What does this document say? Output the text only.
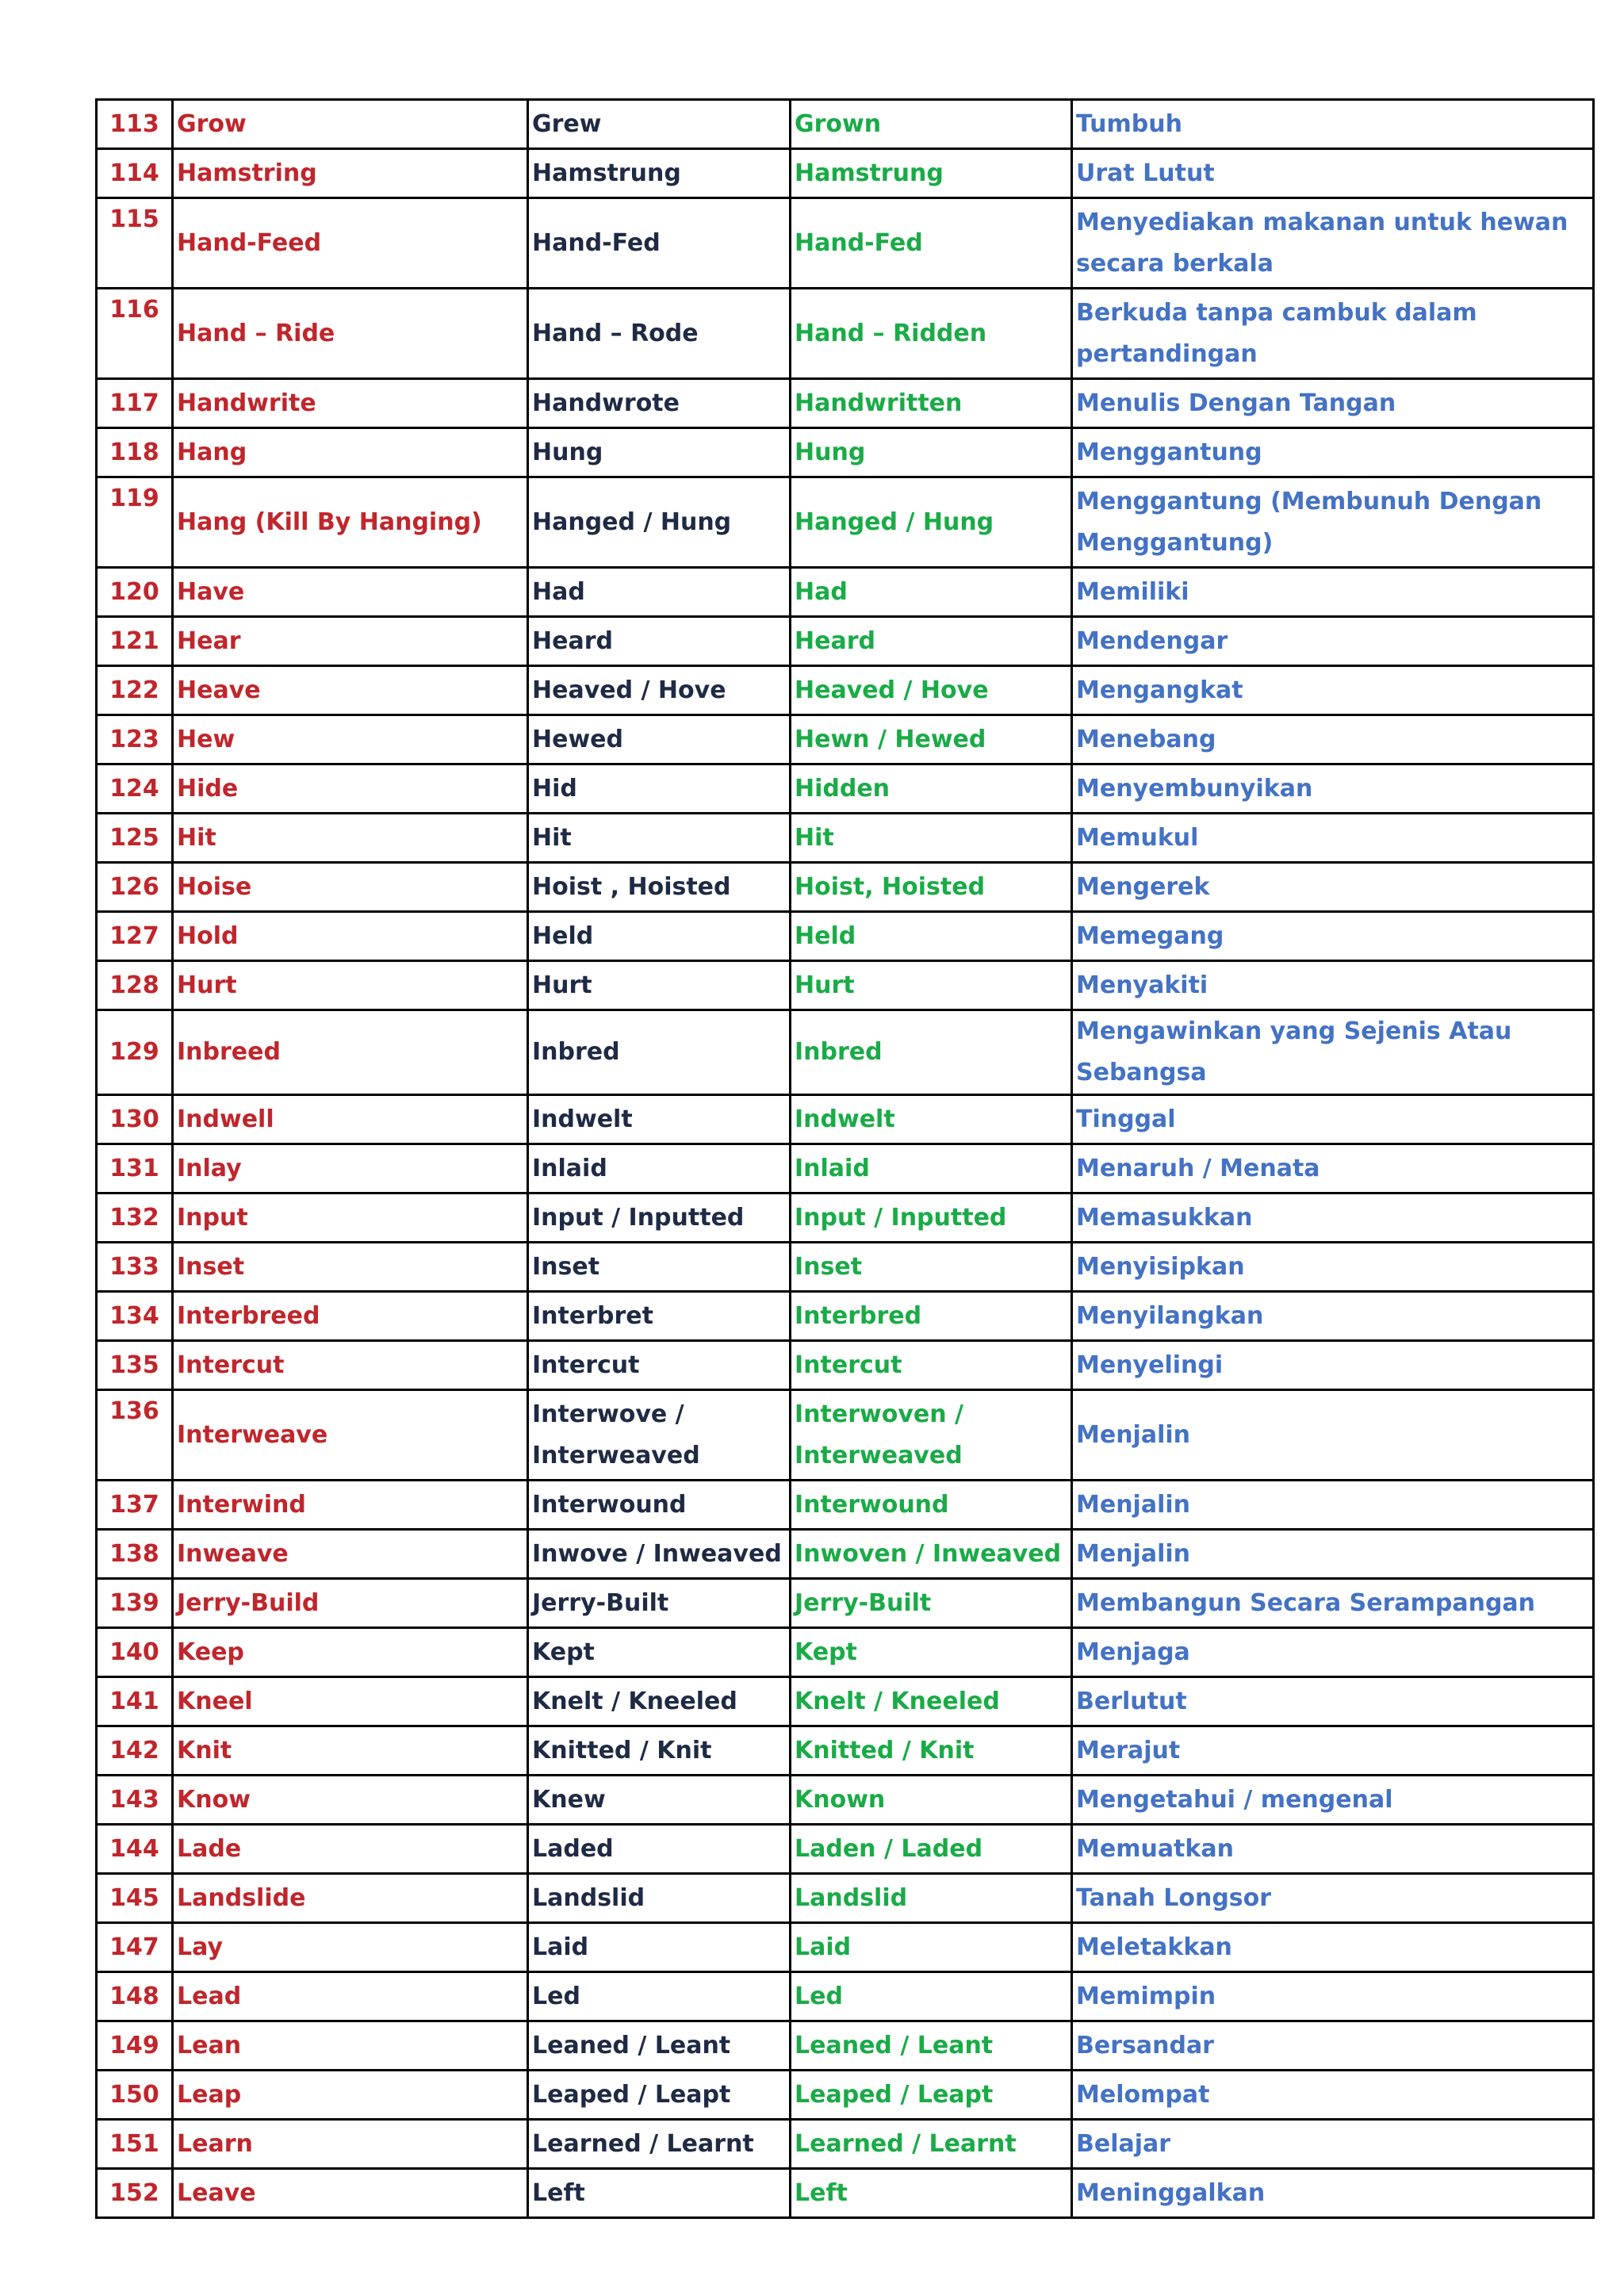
113	Grow	Grew	Grown	Tumbuh
114	Hamstring	Hamstrung	Hamstrung	Urat Lutut
115	Hand-Feed	Hand-Fed	Hand-Fed	Menyediakan makanan untuk hewan secara berkala
116	Hand – Ride	Hand – Rode	Hand – Ridden	Berkuda tanpa cambuk dalam pertandingan
117	Handwrite	Handwrote	Handwritten	Menulis Dengan Tangan
118	Hang	Hung	Hung	Menggantung
119	Hang (Kill By Hanging)	Hanged / Hung	Hanged / Hung	Menggantung (Membunuh Dengan Menggantung)
120	Have	Had	Had	Memiliki
121	Hear	Heard	Heard	Mendengar
122	Heave	Heaved / Hove	Heaved / Hove	Mengangkat
123	Hew	Hewed	Hewn / Hewed	Menebang
124	Hide	Hid	Hidden	Menyembunyikan
125	Hit	Hit	Hit	Memukul
126	Hoise	Hoist , Hoisted	Hoist, Hoisted	Mengerek
127	Hold	Held	Held	Memegang
128	Hurt	Hurt	Hurt	Menyakiti
129	Inbreed	Inbred	Inbred	Mengawinkan yang Sejenis Atau Sebangsa
130	Indwell	Indwelt	Indwelt	Tinggal
131	Inlay	Inlaid	Inlaid	Menaruh / Menata
132	Input	Input / Inputted	Input / Inputted	Memasukkan
133	Inset	Inset	Inset	Menyisipkan
134	Interbreed	Interbret	Interbred	Menyilangkan
135	Intercut	Intercut	Intercut	Menyelingi
136	Interweave	Interwove / Interweaved	Interwoven / Interweaved	Menjalin
137	Interwind	Interwound	Interwound	Menjalin
138	Inweave	Inwove / Inweaved	Inwoven / Inweaved	Menjalin
139	Jerry-Build	Jerry-Built	Jerry-Built	Membangun Secara Serampangan
140	Keep	Kept	Kept	Menjaga
141	Kneel	Knelt / Kneeled	Knelt / Kneeled	Berlutut
142	Knit	Knitted / Knit	Knitted / Knit	Merajut
143	Know	Knew	Known	Mengetahui / mengenal
144	Lade	Laded	Laden / Laded	Memuatkan
145	Landslide	Landslid	Landslid	Tanah Longsor
147	Lay	Laid	Laid	Meletakkan
148	Lead	Led	Led	Memimpin
149	Lean	Leaned / Leant	Leaned / Leant	Bersandar
150	Leap	Leaped / Leapt	Leaped / Leapt	Melompat
151	Learn	Learned / Learnt	Learned / Learnt	Belajar
152	Leave	Left	Left	Meninggalkan
